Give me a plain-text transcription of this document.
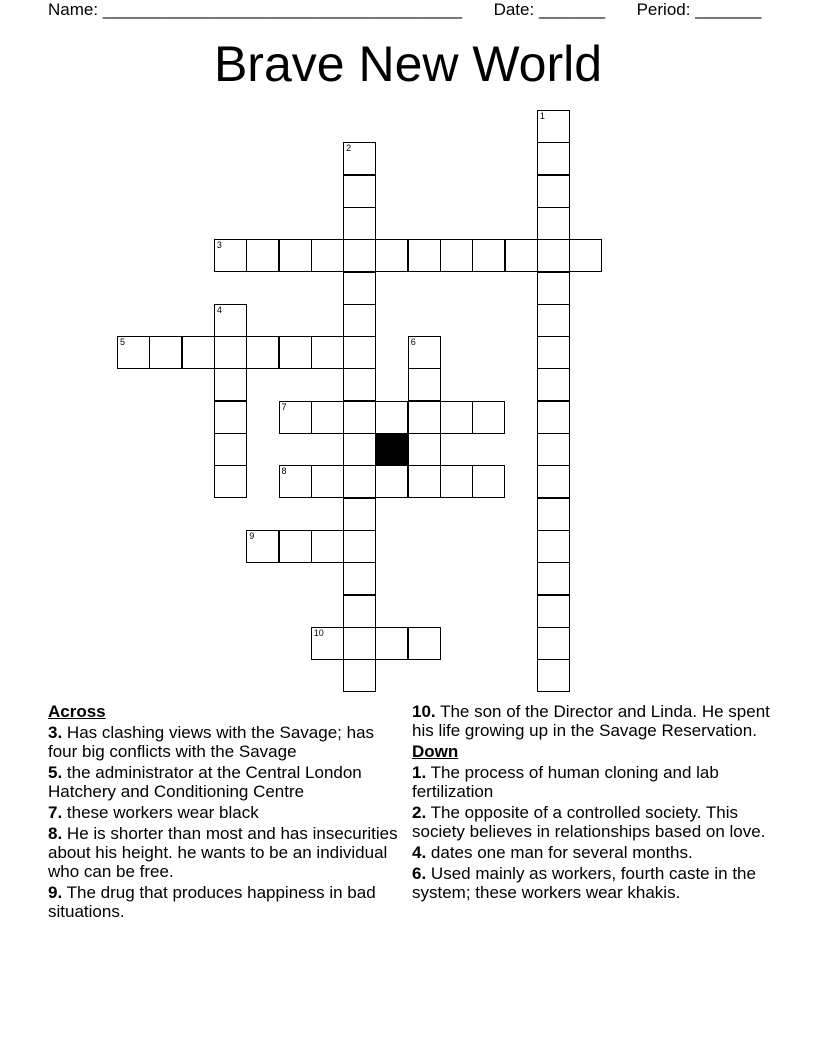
Name: ______________________________________ Date: _______ Period: _______
Brave New World
1
2
3
4
5	6
7
8
9
10
Across
3. Has clashing views with the Savage; has four big conflicts with the Savage
5. the administrator at the Central London Hatchery and Conditioning Centre
7. these workers wear black
8. He is shorter than most and has insecurities about his height. he wants to be an individual who can be free.
9. The drug that produces happiness in bad situations.
10. The son of the Director and Linda. He spent his life growing up in the Savage Reservation.
Down
1. The process of human cloning and lab fertilization
2. The opposite of a controlled society. This society believes in relationships based on love.
4. dates one man for several months.
6. Used mainly as workers, fourth caste in the system; these workers wear khakis.
